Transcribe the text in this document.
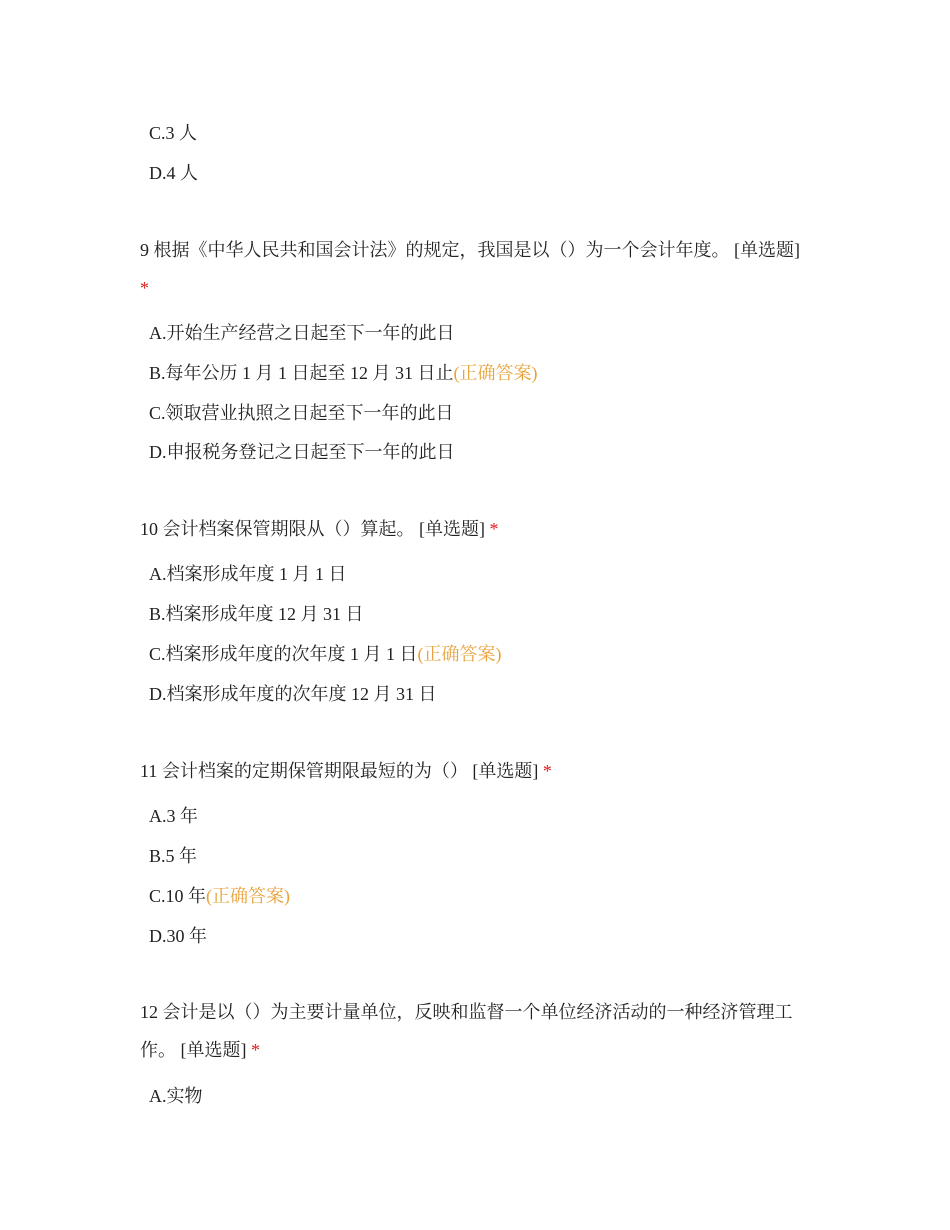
C.3 人
D.4 人
9 根据《中华人民共和国会计法》的规定，我国是以（）为一个会计年度。 [单选题] *
A.开始生产经营之日起至下一年的此日
B.每年公历 1 月 1 日起至 12 月 31 日止(正确答案)
C.领取营业执照之日起至下一年的此日
D.申报税务登记之日起至下一年的此日
10 会计档案保管期限从（）算起。 [单选题] *
A.档案形成年度 1 月 1 日
B.档案形成年度 12 月 31 日
C.档案形成年度的次年度 1 月 1 日(正确答案)
D.档案形成年度的次年度 12 月 31 日
11 会计档案的定期保管期限最短的为（） [单选题] *
A.3 年
B.5 年
C.10 年(正确答案)
D.30 年
12 会计是以（）为主要计量单位，反映和监督一个单位经济活动的一种经济管理工作。 [单选题] *
A.实物
